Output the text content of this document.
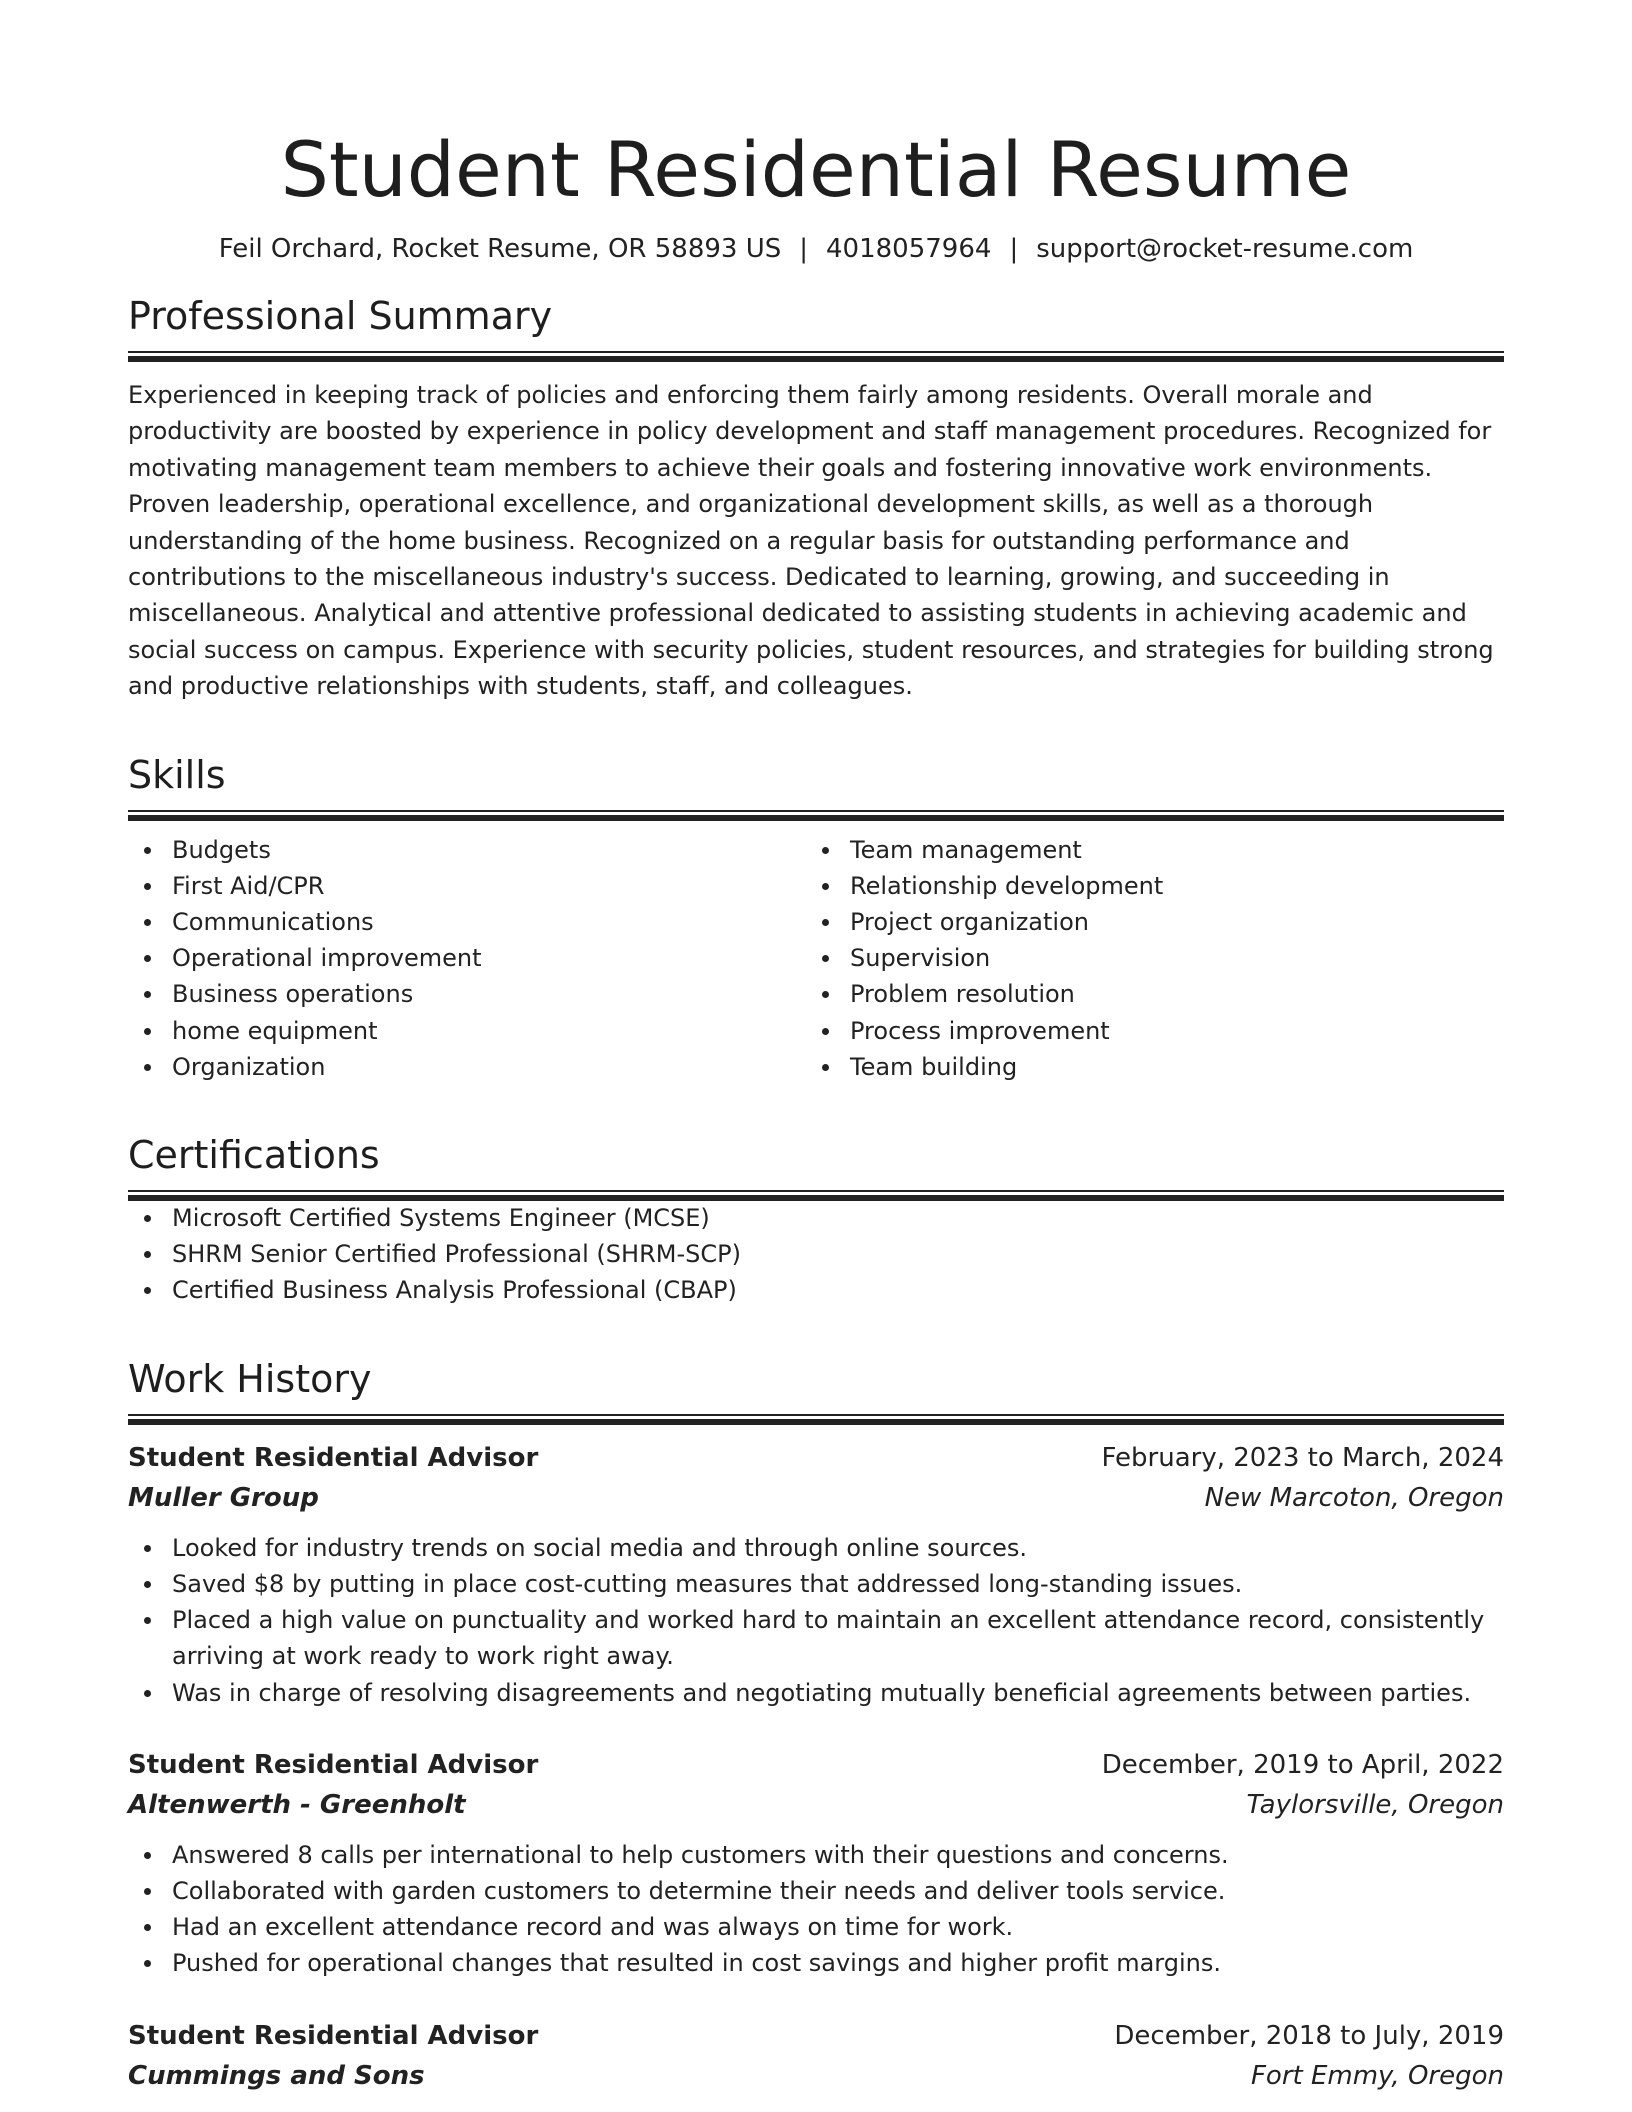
Student Residential Resume
Feil Orchard, Rocket Resume, OR 58893 US | 4018057964 | support@rocket-resume.com
Professional Summary
Experienced in keeping track of policies and enforcing them fairly among residents. Overall morale and productivity are boosted by experience in policy development and staff management procedures. Recognized for motivating management team members to achieve their goals and fostering innovative work environments. Proven leadership, operational excellence, and organizational development skills, as well as a thorough understanding of the home business. Recognized on a regular basis for outstanding performance and contributions to the miscellaneous industry's success. Dedicated to learning, growing, and succeeding in miscellaneous. Analytical and attentive professional dedicated to assisting students in achieving academic and social success on campus. Experience with security policies, student resources, and strategies for building strong and productive relationships with students, staff, and colleagues.
Skills
Budgets
First Aid/CPR
Communications
Operational improvement
Business operations
home equipment
Organization
Team management
Relationship development
Project organization
Supervision
Problem resolution
Process improvement
Team building
Certifications
Microsoft Certified Systems Engineer (MCSE)
SHRM Senior Certified Professional (SHRM-SCP)
Certified Business Analysis Professional (CBAP)
Work History
Student Residential Advisor	February, 2023 to March, 2024
Muller Group	New Marcoton, Oregon
Looked for industry trends on social media and through online sources.
Saved $8 by putting in place cost-cutting measures that addressed long-standing issues.
Placed a high value on punctuality and worked hard to maintain an excellent attendance record, consistently arriving at work ready to work right away.
Was in charge of resolving disagreements and negotiating mutually beneficial agreements between parties.
Student Residential Advisor	December, 2019 to April, 2022
Altenwerth - Greenholt	Taylorsville, Oregon
Answered 8 calls per international to help customers with their questions and concerns.
Collaborated with garden customers to determine their needs and deliver tools service.
Had an excellent attendance record and was always on time for work.
Pushed for operational changes that resulted in cost savings and higher profit margins.
Student Residential Advisor	December, 2018 to July, 2019
Cummings and Sons	Fort Emmy, Oregon
